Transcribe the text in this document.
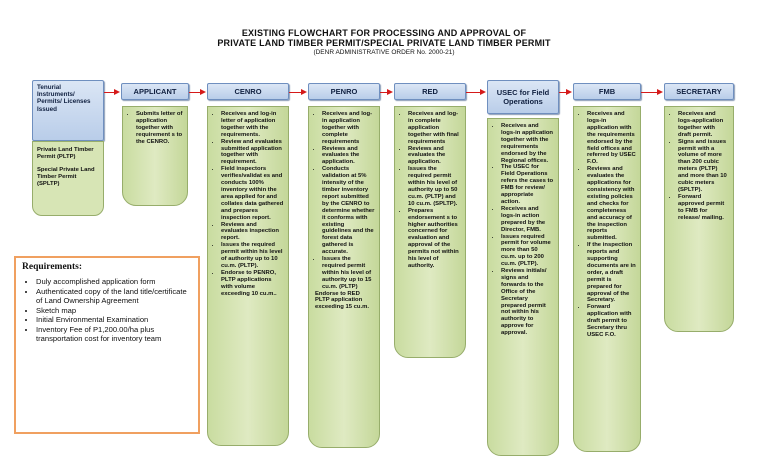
EXISTING FLOWCHART FOR PROCESSING AND APPROVAL OF
PRIVATE LAND TIMBER PERMIT/SPECIAL PRIVATE LAND TIMBER PERMIT
(DENR ADMINISTRATIVE ORDER No. 2000-21)
Tenurial Instruments/ Permits/ Licenses Issued

Private Land Timber Permit (PLTP)

Special Private Land Timber Permit (SPLTP)

APPLICANT	CENRO	PENRO	RED	USEC for Field Operations
FMB	SECRETARY
• Submits letter of application together with requirement s to the CENRO.
• Receives and log-in letter of application together with the requirements.
• Review and evaluates submitted application together with requirement.
• Field inspectors verifies/validat es and conducts 100% inventory within the area applied for and collates data gathered and prepares inspection report.
• Reviews and evaluates inspection report.
• Issues the required permit within his level of authority up to 10 cu.m. (PLTP).
• Endorse to PENRO, PLTP applications with volume exceeding 10 cu.m..
• Receives and log-in application together with complete requirements
• Reviews and evaluates the application.
• Conducts validation at 5% intensity of the timber inventory report submitted by the CENRO to determine whether it conforms with existing guidelines and the forest data gathered is accurate.
• Issues the required permit within his level of authority up to 15 cu.m. (PLTP)

Endorse to RED PLTP application exceeding 15 cu.m.

• Receives and log-in complete application together with final requirements
• Reviews and evaluates the application.
• Issues the required permit within his level of authority up to 50 cu.m. (PLTP) and 10 cu.m. (SPLTP).
• Prepares endorsement s to higher authorities concerned for evaluation and approval of the permits not within his level of authority.
• Receives and logs-in application together with the requirements endorsed by the Regional offices.
• The USEC for Field Operations refers the cases to FMB for review/ appropriate action.
• Receives and logs-in action prepared by the Director, FMB.
• Issues required permit for volume more than 50 cu.m. up to 200 cu.m. (PLTP).
• Reviews initials/ signs and forwards to the Office of the Secretary prepared permit not within his authority to approve for approval.
• Receives and logs-in application with the requirements endorsed by the field offices and referred by USEC F.O.
• Reviews and evaluates the applications for consistency with existing policies and checks for completeness and accuracy of the inspection reports submitted.
• If the inspection reports and supporting documents are in order, a draft permit is prepared for approval of the Secretary.
• Forward application with draft permit to Secretary thru USEC F.O.
• Receives and logs-application together with draft permit.
• Signs and issues permit with a volume of more than 200 cubic meters (PLTP) and more than 10 cubic meters (SPLTP).
• Forward approved permit to FMB for release/ mailing.
Requirements:
• Duly accomplished application form
• Authenticated copy of the land title/certificate of Land Ownership Agreement
• Sketch map
• Initial Environmental Examination
• Inventory Fee of P1,200.00/ha plus transportation cost for inventory team
